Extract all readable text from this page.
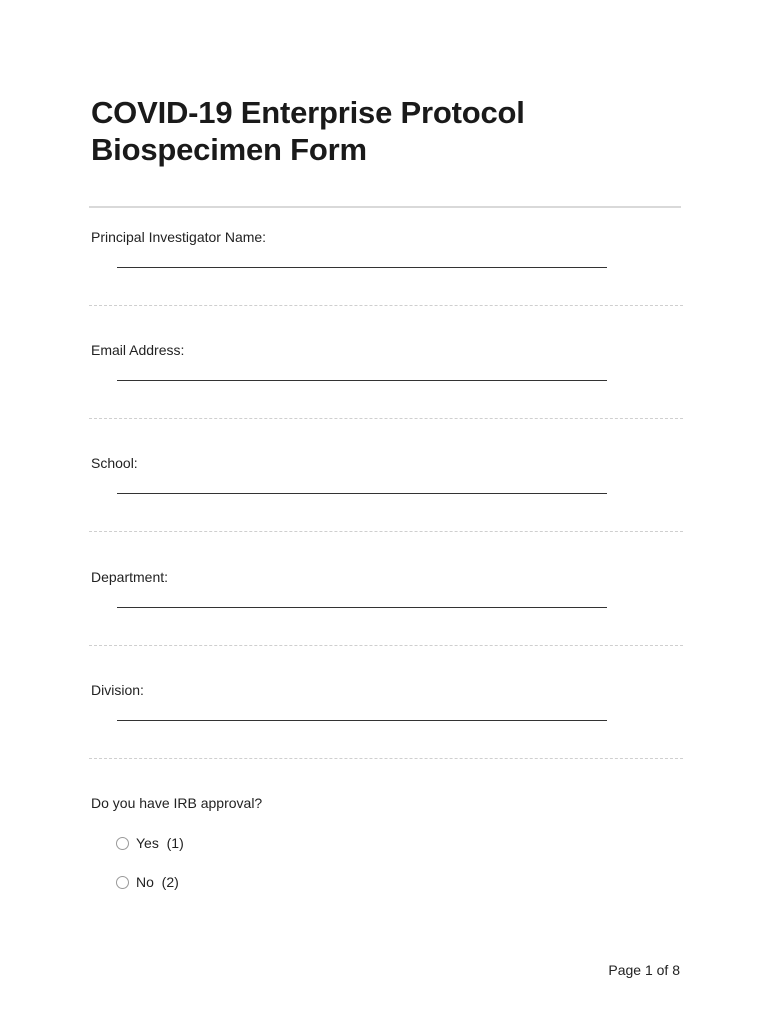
COVID-19 Enterprise Protocol Biospecimen Form
Principal Investigator Name:
Email Address:
School:
Department:
Division:
Do you have IRB approval?
Yes  (1)
No  (2)
Page 1 of 8
